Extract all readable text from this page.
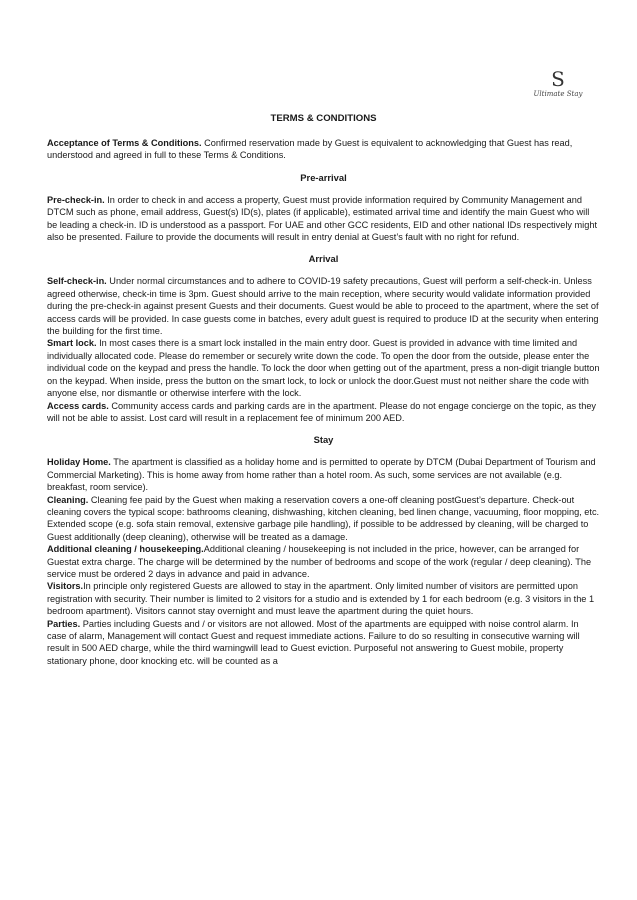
S
Ultimate Stay
TERMS & CONDITIONS

Acceptance of Terms & Conditions. Confirmed reservation made by Guest is equivalent to acknowledging that Guest has read, understood and agreed in full to these Terms & Conditions.

Pre-arrival

Pre-check-in. In order to check in and access a property, Guest must provide information required by Community Management and DTCM such as phone, email address, Guest(s) ID(s), plates (if applicable), estimated arrival time and identify the main Guest who will be leading a check-in. ID is understood as a passport. For UAE and other GCC residents, EID and other national IDs respectively might also be presented. Failure to provide the documents will result in entry denial at Guest’s fault with no right for refund.

Arrival

Self-check-in. Under normal circumstances and to adhere to COVID-19 safety precautions, Guest will perform a self-check-in. Unless agreed otherwise, check-in time is 3pm. Guest should arrive to the main reception, where security would validate information provided during the pre-check-in against present Guests and their documents. Guest would be able to proceed to the apartment, where the set of access cards will be provided. In case guests come in batches, every adult guest is required to produce ID at the security when entering the building for the first time.

Smart lock. In most cases there is a smart lock installed in the main entry door. Guest is provided in advance with time limited and individually allocated code. Please do remember or securely write down the code. To open the door from the outside, please enter the individual code on the keypad and press the handle. To lock the door when getting out of the apartment, press a non-digit triangle button on the keypad. When inside, press the button on the smart lock, to lock or unlock the door.Guest must not neither share the code with anyone else, nor dismantle or otherwise interfere with the lock.

Access cards. Community access cards and parking cards are in the apartment. Please do not engage concierge on the topic, as they will not be able to assist. Lost card will result in a replacement fee of minimum 200 AED.

Stay

Holiday Home. The apartment is classified as a holiday home and is permitted to operate by DTCM (Dubai Department of Tourism and Commercial Marketing). This is home away from home rather than a hotel room. As such, some services are not available (e.g. breakfast, room service).

Cleaning. Cleaning fee paid by the Guest when making a reservation covers a one-off cleaning postGuest’s departure. Check-out cleaning covers the typical scope: bathrooms cleaning, dishwashing, kitchen cleaning, bed linen change, vacuuming, floor mopping, etc. Extended scope (e.g. sofa stain removal, extensive garbage pile handling), if possible to be addressed by cleaning, will be charged to Guest additionally (deep cleaning), otherwise will be treated as a damage.

Additional cleaning / housekeeping.Additional cleaning / housekeeping is not included in the price, however, can be arranged for Guestat extra charge. The charge will be determined by the number of bedrooms and scope of the work (regular / deep cleaning). The service must be ordered 2 days in advance and paid in advance.

Visitors.In principle only registered Guests are allowed to stay in the apartment. Only limited number of visitors are permitted upon registration with security. Their number is limited to 2 visitors for a studio and is extended by 1 for each bedroom (e.g. 3 visitors in the 1 bedroom apartment). Visitors cannot stay overnight and must leave the apartment during the quiet hours.

Parties. Parties including Guests and / or visitors are not allowed. Most of the apartments are equipped with noise control alarm. In case of alarm, Management will contact Guest and request immediate actions. Failure to do so resulting in consecutive warning will result in 500 AED charge, while the third warningwill lead to Guest eviction. Purposeful not answering to Guest mobile, property stationary phone, door knocking etc. will be counted as a
